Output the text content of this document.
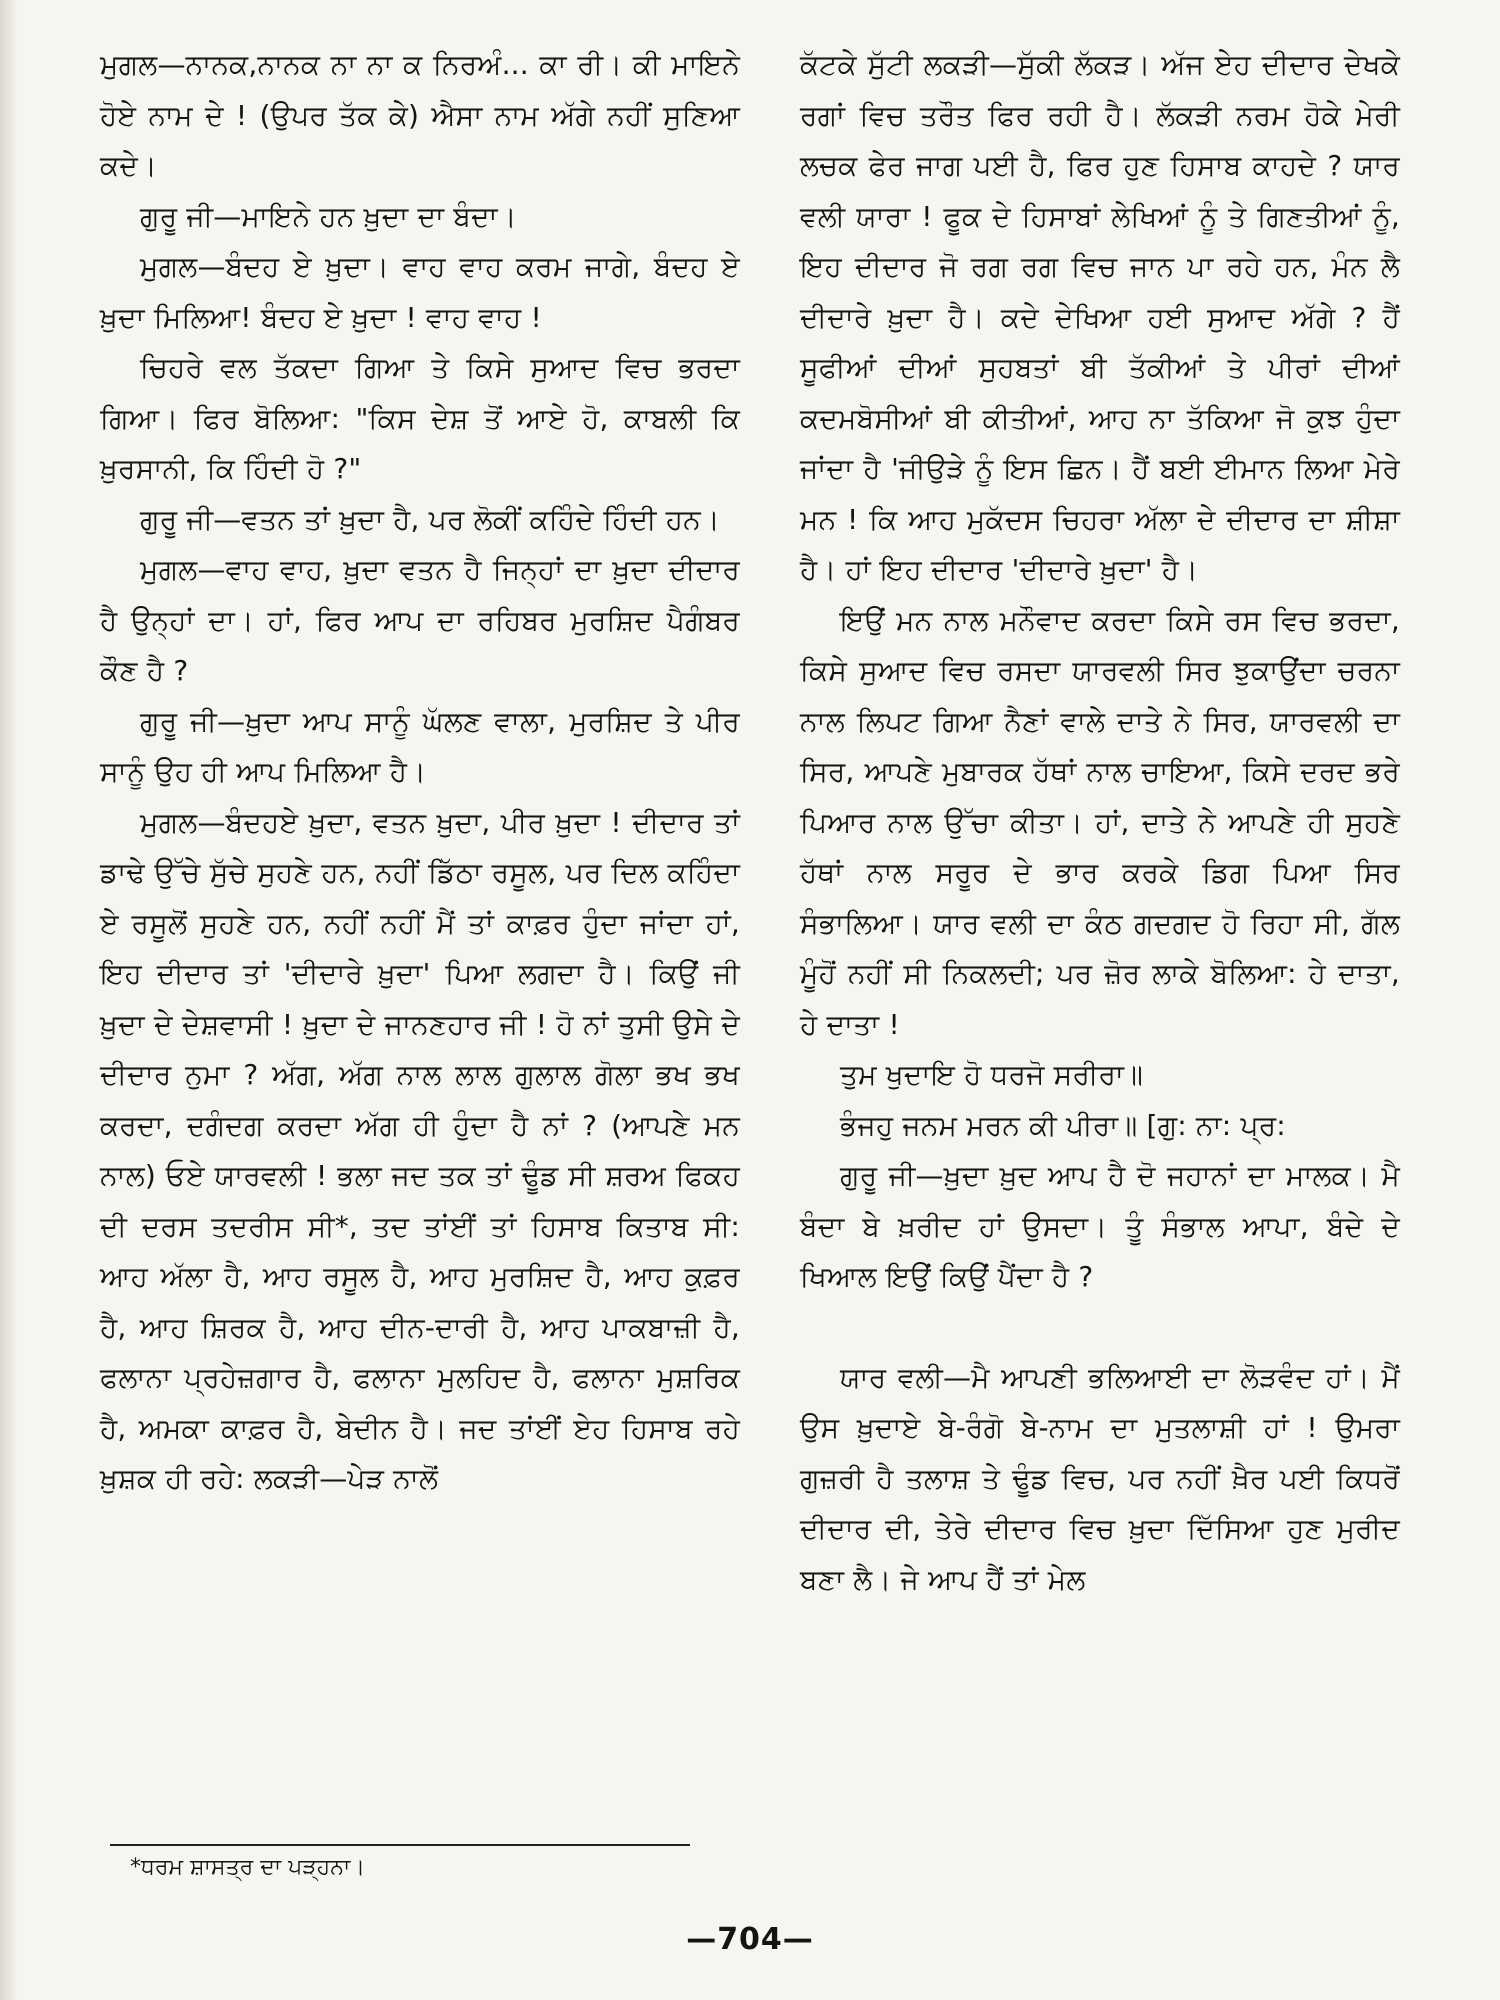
ਮੁਗਲ—ਨਾਨਕ,ਨਾਨਕ ਨਾ ਨਾ ਕ ਨਿਰਅੰ... ਕਾ ਰੀ। ਕੀ ਮਾਇਨੇ ਹੋਏ ਨਾਮ ਦੇ ! (ਉਪਰ ਤੱਕ ਕੇ) ਐਸਾ ਨਾਮ ਅੱਗੇ ਨਹੀਂ ਸੁਣਿਆ ਕਦੇ।

ਗੁਰੂ ਜੀ—ਮਾਇਨੇ ਹਨ ਖ਼ੁਦਾ ਦਾ ਬੰਦਾ।

ਮੁਗਲ—ਬੰਦਹ ਏ ਖ਼ੁਦਾ। ਵਾਹ ਵਾਹ ਕਰਮ ਜਾਗੇ, ਬੰਦਹ ਏ ਖ਼ੁਦਾ ਮਿਲਿਆ! ਬੰਦਹ ਏ ਖ਼ੁਦਾ ! ਵਾਹ ਵਾਹ !

ਚਿਹਰੇ ਵਲ ਤੱਕਦਾ ਗਿਆ ਤੇ ਕਿਸੇ ਸੁਆਦ ਵਿਚ ਭਰਦਾ ਗਿਆ। ਫਿਰ ਬੋਲਿਆ: "ਕਿਸ ਦੇਸ਼ ਤੋਂ ਆਏ ਹੋ, ਕਾਬਲੀ ਕਿ ਖ਼ੁਰਸਾਨੀ, ਕਿ ਹਿੰਦੀ ਹੋ ?"

ਗੁਰੂ ਜੀ—ਵਤਨ ਤਾਂ ਖ਼ੁਦਾ ਹੈ, ਪਰ ਲੋਕੀਂ ਕਹਿੰਦੇ ਹਿੰਦੀ ਹਨ।

ਮੁਗਲ—ਵਾਹ ਵਾਹ, ਖ਼ੁਦਾ ਵਤਨ ਹੈ ਜਿਨ੍ਹਾਂ ਦਾ ਖ਼ੁਦਾ ਦੀਦਾਰ ਹੈ ਉਨ੍ਹਾਂ ਦਾ। ਹਾਂ, ਫਿਰ ਆਪ ਦਾ ਰਹਿਬਰ ਮੁਰਸ਼ਿਦ ਪੈਗੰਬਰ ਕੌਣ ਹੈ ?

ਗੁਰੂ ਜੀ—ਖ਼ੁਦਾ ਆਪ ਸਾਨੂੰ ਘੱਲਣ ਵਾਲਾ, ਮੁਰਸ਼ਿਦ ਤੇ ਪੀਰ ਸਾਨੂੰ ਉਹ ਹੀ ਆਪ ਮਿਲਿਆ ਹੈ।

ਮੁਗਲ—ਬੰਦਹਏ ਖ਼ੁਦਾ, ਵਤਨ ਖ਼ੁਦਾ, ਪੀਰ ਖ਼ੁਦਾ ! ਦੀਦਾਰ ਤਾਂ ਡਾਢੇ ਉੱਚੇ ਸੁੱਚੇ ਸੁਹਣੇ ਹਨ, ਨਹੀਂ ਡਿੱਠਾ ਰਸੂਲ, ਪਰ ਦਿਲ ਕਹਿੰਦਾ ਏ ਰਸੂਲੋਂ ਸੁਹਣੇ ਹਨ, ਨਹੀਂ ਨਹੀਂ ਮੈਂ ਤਾਂ ਕਾਫ਼ਰ ਹੁੰਦਾ ਜਾਂਦਾ ਹਾਂ, ਇਹ ਦੀਦਾਰ ਤਾਂ 'ਦੀਦਾਰੇ ਖ਼ੁਦਾ' ਪਿਆ ਲਗਦਾ ਹੈ। ਕਿਉਂ ਜੀ ਖ਼ੁਦਾ ਦੇ ਦੇਸ਼ਵਾਸੀ ! ਖ਼ੁਦਾ ਦੇ ਜਾਨਣਹਾਰ ਜੀ ! ਹੋ ਨਾਂ ਤੁਸੀ ਉਸੇ ਦੇ ਦੀਦਾਰ ਨੁਮਾ ? ਅੱਗ, ਅੱਗ ਨਾਲ ਲਾਲ ਗੁਲਾਲ ਗੋਲਾ ਭਖ ਭਖ ਕਰਦਾ, ਦਗੰਦਗ ਕਰਦਾ ਅੱਗ ਹੀ ਹੁੰਦਾ ਹੈ ਨਾਂ ? (ਆਪਣੇ ਮਨ ਨਾਲ) ਓਏ ਯਾਰਵਲੀ ! ਭਲਾ ਜਦ ਤਕ ਤਾਂ ਢੂੰਡ ਸੀ ਸ਼ਰਅ ਫਿਕਹ ਦੀ ਦਰਸ ਤਦਰੀਸ ਸੀ*, ਤਦ ਤਾਂਈਂ ਤਾਂ ਹਿਸਾਬ ਕਿਤਾਬ ਸੀ: ਆਹ ਅੱਲਾ ਹੈ, ਆਹ ਰਸੂਲ ਹੈ, ਆਹ ਮੁਰਸ਼ਿਦ ਹੈ, ਆਹ ਕੁਫ਼ਰ ਹੈ, ਆਹ ਸ਼ਿਰਕ ਹੈ, ਆਹ ਦੀਨ-ਦਾਰੀ ਹੈ, ਆਹ ਪਾਕਬਾਜ਼ੀ ਹੈ, ਫਲਾਨਾ ਪ੍ਰਹੇਜ਼ਗਾਰ ਹੈ, ਫਲਾਨਾ ਮੁਲਹਿਦ ਹੈ, ਫਲਾਨਾ ਮੁਸ਼ਰਿਕ ਹੈ, ਅਮਕਾ ਕਾਫ਼ਰ ਹੈ, ਬੇਦੀਨ ਹੈ। ਜਦ ਤਾਂਈਂ ਏਹ ਹਿਸਾਬ ਰਹੇ ਖ਼ੁਸ਼ਕ ਹੀ ਰਹੇ: ਲਕੜੀ—ਪੇੜ ਨਾਲੋਂ

ਕੱਟਕੇ ਸੁੱਟੀ ਲਕੜੀ—ਸੁੱਕੀ ਲੱਕੜ। ਅੱਜ ਏਹ ਦੀਦਾਰ ਦੇਖਕੇ ਰਗਾਂ ਵਿਚ ਤਰੌਤ ਫਿਰ ਰਹੀ ਹੈ। ਲੱਕੜੀ ਨਰਮ ਹੋਕੇ ਮੇਰੀ ਲਚਕ ਫੇਰ ਜਾਗ ਪਈ ਹੈ, ਫਿਰ ਹੁਣ ਹਿਸਾਬ ਕਾਹਦੇ ? ਯਾਰ ਵਲੀ ਯਾਰਾ ! ਫੂਕ ਦੇ ਹਿਸਾਬਾਂ ਲੇਖਿਆਂ ਨੂੰ ਤੇ ਗਿਣਤੀਆਂ ਨੂੰ, ਇਹ ਦੀਦਾਰ ਜੋ ਰਗ ਰਗ ਵਿਚ ਜਾਨ ਪਾ ਰਹੇ ਹਨ, ਮੰਨ ਲੈ ਦੀਦਾਰੇ ਖ਼ੁਦਾ ਹੈ। ਕਦੇ ਦੇਖਿਆ ਹਈ ਸੁਆਦ ਅੱਗੇ ? ਹੈਂ ਸੂਫੀਆਂ ਦੀਆਂ ਸੁਹਬਤਾਂ ਬੀ ਤੱਕੀਆਂ ਤੇ ਪੀਰਾਂ ਦੀਆਂ ਕਦਮਬੋਸੀਆਂ ਬੀ ਕੀਤੀਆਂ, ਆਹ ਨਾ ਤੱਕਿਆ ਜੋ ਕੁਝ ਹੁੰਦਾ ਜਾਂਦਾ ਹੈ 'ਜੀਉੜੇ ਨੂੰ ਇਸ ਛਿਨ। ਹੈਂ ਬਈ ਈਮਾਨ ਲਿਆ ਮੇਰੇ ਮਨ ! ਕਿ ਆਹ ਮੁਕੱਦਸ ਚਿਹਰਾ ਅੱਲਾ ਦੇ ਦੀਦਾਰ ਦਾ ਸ਼ੀਸ਼ਾ ਹੈ। ਹਾਂ ਇਹ ਦੀਦਾਰ 'ਦੀਦਾਰੇ ਖ਼ੁਦਾ' ਹੈ।

ਇਉਂ ਮਨ ਨਾਲ ਮਨੌਵਾਦ ਕਰਦਾ ਕਿਸੇ ਰਸ ਵਿਚ ਭਰਦਾ, ਕਿਸੇ ਸੁਆਦ ਵਿਚ ਰਸਦਾ ਯਾਰਵਲੀ ਸਿਰ ਝੁਕਾਉਂਦਾ ਚਰਨਾ ਨਾਲ ਲਿਪਟ ਗਿਆ ਨੈਣਾਂ ਵਾਲੇ ਦਾਤੇ ਨੇ ਸਿਰ, ਯਾਰਵਲੀ ਦਾ ਸਿਰ, ਆਪਣੇ ਮੁਬਾਰਕ ਹੱਥਾਂ ਨਾਲ ਚਾਇਆ, ਕਿਸੇ ਦਰਦ ਭਰੇ ਪਿਆਰ ਨਾਲ ਉੱਚਾ ਕੀਤਾ। ਹਾਂ, ਦਾਤੇ ਨੇ ਆਪਣੇ ਹੀ ਸੁਹਣੇ ਹੱਥਾਂ ਨਾਲ ਸਰੂਰ ਦੇ ਭਾਰ ਕਰਕੇ ਡਿਗ ਪਿਆ ਸਿਰ ਸੰਭਾਲਿਆ। ਯਾਰ ਵਲੀ ਦਾ ਕੰਠ ਗਦਗਦ ਹੋ ਰਿਹਾ ਸੀ, ਗੱਲ ਮੂੰਹੋਂ ਨਹੀਂ ਸੀ ਨਿਕਲਦੀ; ਪਰ ਜ਼ੋਰ ਲਾਕੇ ਬੋਲਿਆ: ਹੇ ਦਾਤਾ, ਹੇ ਦਾਤਾ !

ਤੁਮ ਖੁਦਾਇ ਹੋ ਧਰਜੋ ਸਰੀਰਾ॥

ਭੰਜਹੁ ਜਨਮ ਮਰਨ ਕੀ ਪੀਰਾ॥ [ਗੁ: ਨਾ: ਪ੍ਰ:

ਗੁਰੂ ਜੀ—ਖ਼ੁਦਾ ਖ਼ੁਦ ਆਪ ਹੈ ਦੋ ਜਹਾਨਾਂ ਦਾ ਮਾਲਕ। ਮੈ ਬੰਦਾ ਬੇ ਖ਼ਰੀਦ ਹਾਂ ਉਸਦਾ। ਤੂੰ ਸੰਭਾਲ ਆਪਾ, ਬੰਦੇ ਦੇ ਖਿਆਲ ਇਉਂ ਕਿਉਂ ਪੈਂਦਾ ਹੈ ?

ਯਾਰ ਵਲੀ—ਮੈ ਆਪਣੀ ਭਲਿਆਈ ਦਾ ਲੋੜਵੰਦ ਹਾਂ। ਮੈਂ ਉਸ ਖ਼ੁਦਾਏ ਬੇ-ਰੰਗੋ ਬੇ-ਨਾਮ ਦਾ ਮੁਤਲਾਸ਼ੀ ਹਾਂ ! ਉਮਰਾ ਗੁਜ਼ਰੀ ਹੈ ਤਲਾਸ਼ ਤੇ ਢੂੰਡ ਵਿਚ, ਪਰ ਨਹੀਂ ਖ਼ੈਰ ਪਈ ਕਿਧਰੋਂ ਦੀਦਾਰ ਦੀ, ਤੇਰੇ ਦੀਦਾਰ ਵਿਚ ਖ਼ੁਦਾ ਦਿੱਸਿਆ ਹੁਣ ਮੁਰੀਦ ਬਣਾ ਲੈ। ਜੇ ਆਪ ਹੈਂ ਤਾਂ ਮੇਲ

*ਧਰਮ ਸ਼ਾਸਤ੍ਰ ਦਾ ਪੜ੍ਹਨਾ।
—704—
